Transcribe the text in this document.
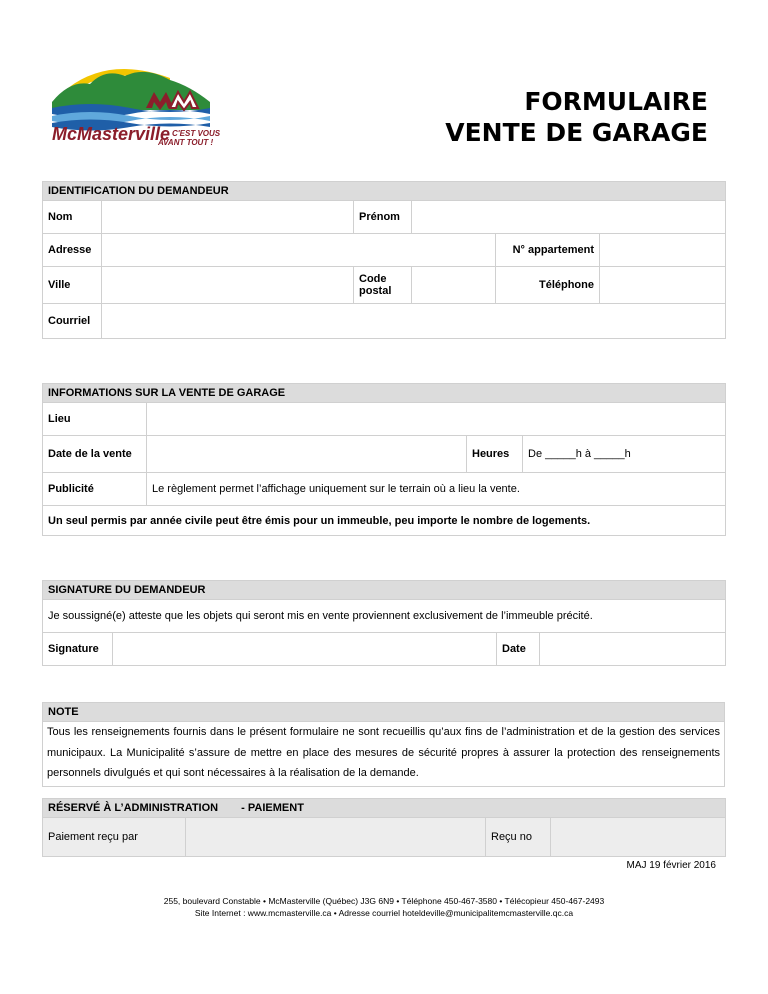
McMasterville C'EST VOUS
AVANT TOUT !
FORMULAIRE
VENTE DE GARAGE
IDENTIFICATION DU DEMANDEUR					
Nom		Prénom			
Adresse				N° appartement	
Ville		Code postal		Téléphone	
Courriel					
INFORMATIONS SUR LA VENTE DE GARAGE			
Lieu			
Date de la vente		Heures	De _____h à _____h
Publicité	Le règlement permet l’affichage uniquement sur le terrain où a lieu la vente.		
Un seul permis par année civile peut être émis pour un immeuble, peu importe le nombre de logements.			
SIGNATURE DU DEMANDEUR
Je soussigné(e) atteste que les objets qui seront mis en vente proviennent exclusivement de l’immeuble précité.
Signature		Date	
NOTE
Tous les renseignements fournis dans le présent formulaire ne sont recueillis qu’aux fins de l’administration et de la gestion des services municipaux. La Municipalité s’assure de mettre en place des mesures de sécurité propres à assurer la protection des renseignements personnels divulgués et qui sont nécessaires à la réalisation de la demande.
RÉSERVÉ À L’ADMINISTRATION - PAIEMENT
Paiement reçu par		Reçu no	
MAJ 19 février 2016
255, boulevard Constable • McMasterville (Québec) J3G 6N9 • Téléphone 450-467-3580 • Télécopieur 450-467-2493
Site Internet : www.mcmasterville.ca • Adresse courriel hoteldeville@municipalitemcmasterville.qc.ca
